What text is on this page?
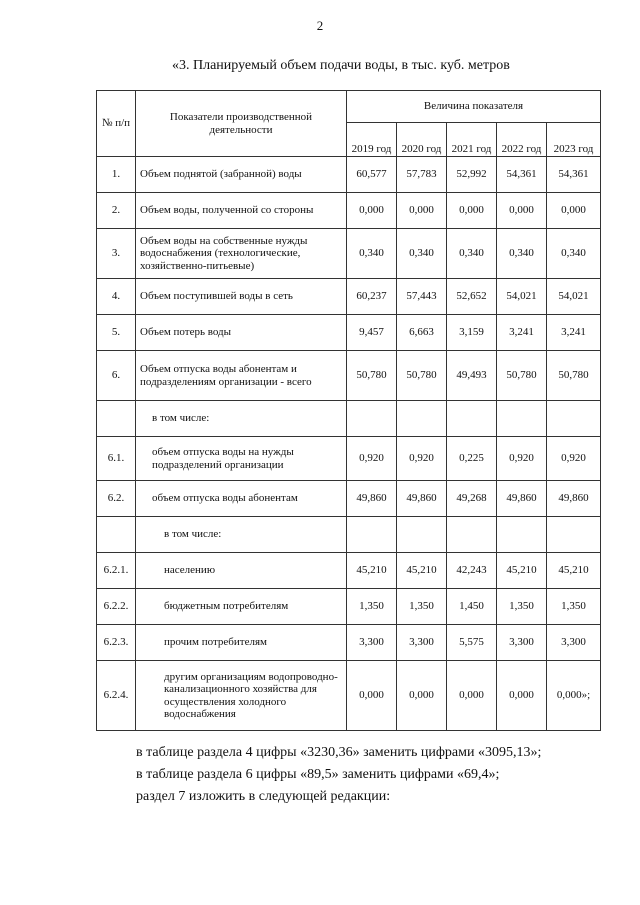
2
«3. Планируемый объем подачи воды, в тыс. куб. метров
№ п/п	Показатели производственной деятельности	Величина показателя				
		2019 год	2020 год	2021 год	2022 год	2023 год
1.	Объем поднятой (забранной) воды	60,577	57,783	52,992	54,361	54,361
2.	Объем воды, полученной со стороны	0,000	0,000	0,000	0,000	0,000
3.	Объем воды на собственные нужды водоснабжения (технологические, хозяйственно-питьевые)	0,340	0,340	0,340	0,340	0,340
4.	Объем поступившей воды в сеть	60,237	57,443	52,652	54,021	54,021
5.	Объем потерь воды	9,457	6,663	3,159	3,241	3,241
6.	Объем отпуска воды абонентам и подразделениям организации - всего	50,780	50,780	49,493	50,780	50,780
	в том числе:					
6.1.	объем отпуска воды на нужды подразделений организации	0,920	0,920	0,225	0,920	0,920
6.2.	объем отпуска воды абонентам	49,860	49,860	49,268	49,860	49,860
	в том числе:					
6.2.1.	населению	45,210	45,210	42,243	45,210	45,210
6.2.2.	бюджетным потребителям	1,350	1,350	1,450	1,350	1,350
6.2.3.	прочим потребителям	3,300	3,300	5,575	3,300	3,300
6.2.4.	другим организациям водопроводно-канализационного хозяйства для осуществления холодного водоснабжения	0,000	0,000	0,000	0,000	0,000»;
в таблице раздела 4 цифры «3230,36» заменить цифрами «3095,13»;
в таблице раздела 6 цифры «89,5» заменить цифрами «69,4»;
раздел 7 изложить в следующей редакции:
